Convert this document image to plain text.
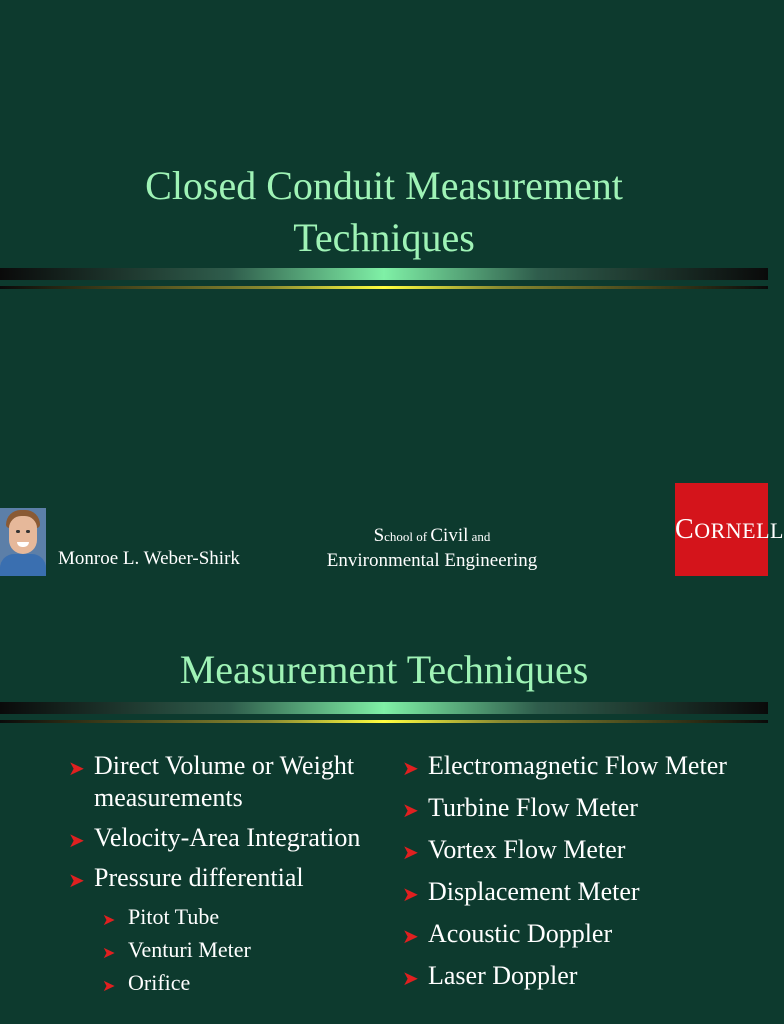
Closed Conduit Measurement
Techniques
Monroe L. Weber-Shirk
School of Civil and
Environmental Engineering
CORNELL
Measurement Techniques
➤ Direct Volume or Weight measurements
➤ Velocity-Area Integration
➤ Pressure differential
➤ Pitot Tube
➤ Venturi Meter
➤ Orifice
➤ Electromagnetic Flow Meter
➤ Turbine Flow Meter
➤ Vortex Flow Meter
➤ Displacement Meter
➤ Acoustic Doppler
➤ Laser Doppler
